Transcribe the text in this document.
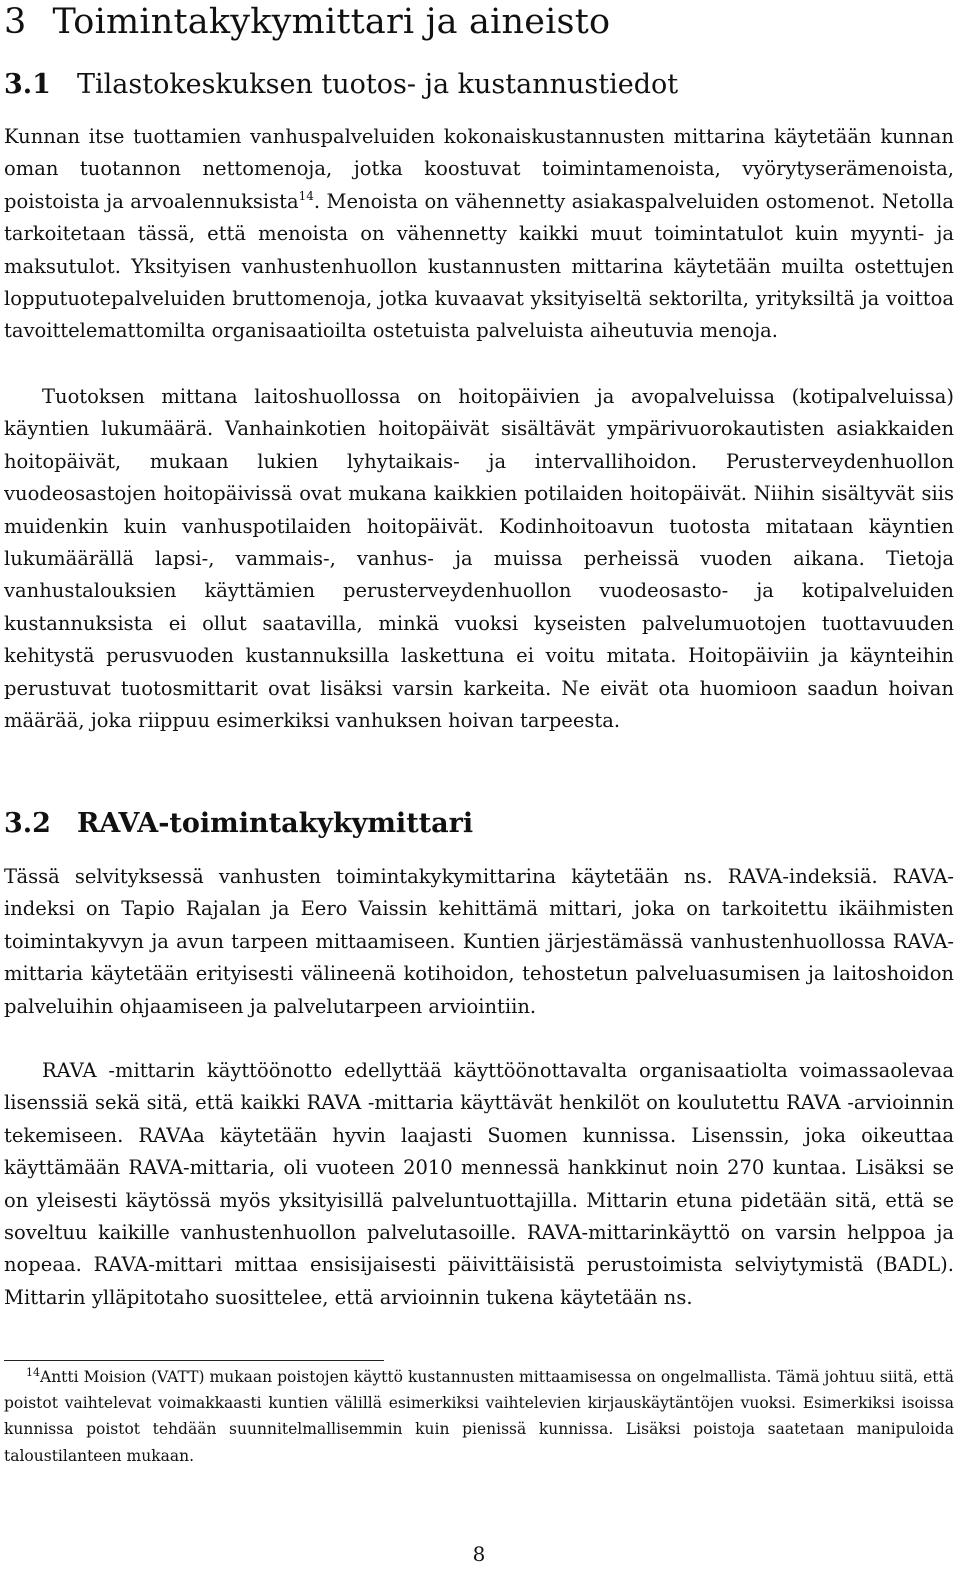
3 Toimintakykymittari ja aineisto
3.1 Tilastokeskuksen tuotos- ja kustannustiedot

Kunnan itse tuottamien vanhuspalveluiden kokonaiskustannusten mittarina käytetään kunnan oman tuotannon nettomenoja, jotka koostuvat toimintamenoista, vyörytyserämenoista, poistoista ja arvoalennuksista$^{14}$. Menoista on vähennetty asiakaspalveluiden ostomenot. Netolla tarkoitetaan tässä, että menoista on vähennetty kaikki muut toimintatulot kuin myynti- ja maksutulot. Yksityisen vanhustenhuollon kustannusten mittarina käytetään muilta ostettujen lopputuotepalveluiden bruttomenoja, jotka kuvaavat yksityiseltä sektorilta, yrityksiltä ja voittoa tavoittelemattomilta organisaatioilta ostetuista palveluista aiheutuvia menoja.

Tuotoksen mittana laitoshuollossa on hoitopäivien ja avopalveluissa (kotipalveluissa) käyntien lukumäärä. Vanhainkotien hoitopäivät sisältävät ympärivuorokautisten asiakkaiden hoitopäivät, mukaan lukien lyhytaikais- ja intervallihoidon. Perusterveydenhuollon vuodeosastojen hoitopäivissä ovat mukana kaikkien potilaiden hoitopäivät. Niihin sisältyvät siis muidenkin kuin vanhuspotilaiden hoitopäivät. Kodinhoitoavun tuotosta mitataan käyntien lukumäärällä lapsi-, vammais-, vanhus- ja muissa perheissä vuoden aikana. Tietoja vanhustalouksien käyttämien perusterveydenhuollon vuodeosasto- ja kotipalveluiden kustannuksista ei ollut saatavilla, minkä vuoksi kyseisten palvelumuotojen tuottavuuden kehitystä perusvuoden kustannuksilla laskettuna ei voitu mitata. Hoitopäiviin ja käynteihin perustuvat tuotosmittarit ovat lisäksi varsin karkeita. Ne eivät ota huomioon saadun hoivan määrää, joka riippuu esimerkiksi vanhuksen hoivan tarpeesta.

3.2 RAVA-toimintakykymittari

Tässä selvityksessä vanhusten toimintakykymittarina käytetään ns. RAVA-indeksiä. RAVA-indeksi on Tapio Rajalan ja Eero Vaissin kehittämä mittari, joka on tarkoitettu ikäihmisten toimintakyvyn ja avun tarpeen mittaamiseen. Kuntien järjestämässä vanhustenhuollossa RAVA-mittaria käytetään erityisesti välineenä kotihoidon, tehostetun palveluasumisen ja laitoshoidon palveluihin ohjaamiseen ja palvelutarpeen arviointiin.

RAVA -mittarin käyttöönotto edellyttää käyttöönottavalta organisaatiolta voimassaolevaa lisenssiä sekä sitä, että kaikki RAVA -mittaria käyttävät henkilöt on koulutettu RAVA -arvioinnin tekemiseen. RAVAa käytetään hyvin laajasti Suomen kunnissa. Lisenssin, joka oikeuttaa käyttämään RAVA-mittaria, oli vuoteen 2010 mennessä hankkinut noin 270 kuntaa. Lisäksi se on yleisesti käytössä myös yksityisillä palveluntuottajilla. Mittarin etuna pidetään sitä, että se soveltuu kaikille vanhustenhuollon palvelutasoille. RAVA-mittarinkäyttö on varsin helppoa ja nopeaa. RAVA-mittari mittaa ensisijaisesti päivittäisistä perustoimista selviytymistä (BADL). Mittarin ylläpitotaho suosittelee, että arvioinnin tukena käytetään ns.

$^{14}$Antti Moision (VATT) mukaan poistojen käyttö kustannusten mittaamisessa on ongelmallista. Tämä johtuu siitä, että poistot vaihtelevat voimakkaasti kuntien välillä esimerkiksi vaihtelevien kirjauskäytäntöjen vuoksi. Esimerkiksi isoissa kunnissa poistot tehdään suunnitelmallisemmin kuin pienissä kunnissa. Lisäksi poistoja saatetaan manipuloida taloustilanteen mukaan.

8
